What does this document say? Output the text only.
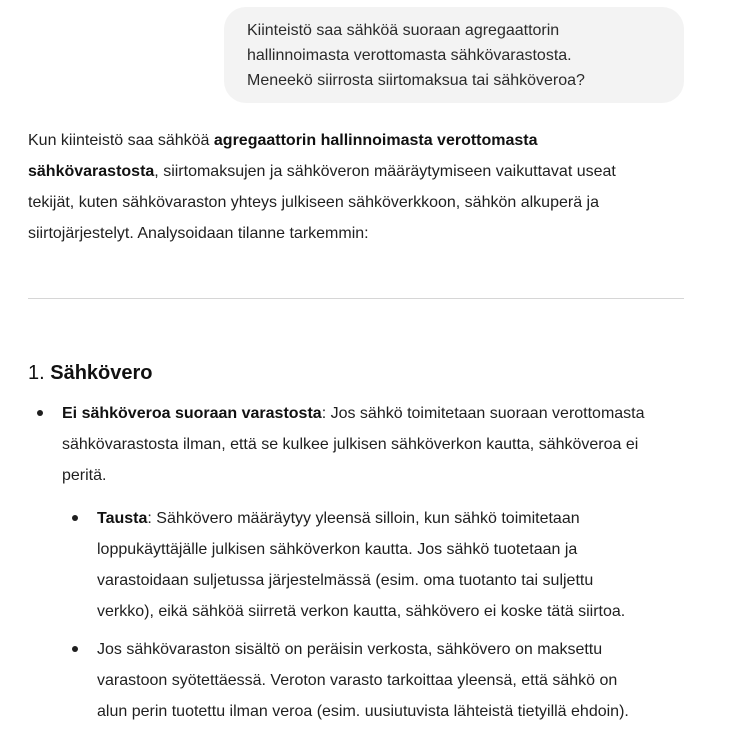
Kiinteistö saa sähköä suoraan agregaattorin
hallinnoimasta verottomasta sähkövarastosta.
Meneekö siirrosta siirtomaksua tai sähköveroa?
Kun kiinteistö saa sähköä agregaattorin hallinnoimasta verottomasta
sähkövarastosta, siirtomaksujen ja sähköveron määräytymiseen vaikuttavat useat
tekijät, kuten sähkövaraston yhteys julkiseen sähköverkkoon, sähkön alkuperä ja
siirtojärjestelyt. Analysoidaan tilanne tarkemmin:
1. Sähkövero
Ei sähköveroa suoraan varastosta: Jos sähkö toimitetaan suoraan verottomasta
sähkövarastosta ilman, että se kulkee julkisen sähköverkon kautta, sähköveroa ei
peritä.
Tausta: Sähkövero määräytyy yleensä silloin, kun sähkö toimitetaan
loppukäyttäjälle julkisen sähköverkon kautta. Jos sähkö tuotetaan ja
varastoidaan suljetussa järjestelmässä (esim. oma tuotanto tai suljettu
verkko), eikä sähköä siirretä verkon kautta, sähkövero ei koske tätä siirtoa.
Jos sähkövaraston sisältö on peräisin verkosta, sähkövero on maksettu
varastoon syötettäessä. Veroton varasto tarkoittaa yleensä, että sähkö on
alun perin tuotettu ilman veroa (esim. uusiutuvista lähteistä tietyillä ehdoin).
